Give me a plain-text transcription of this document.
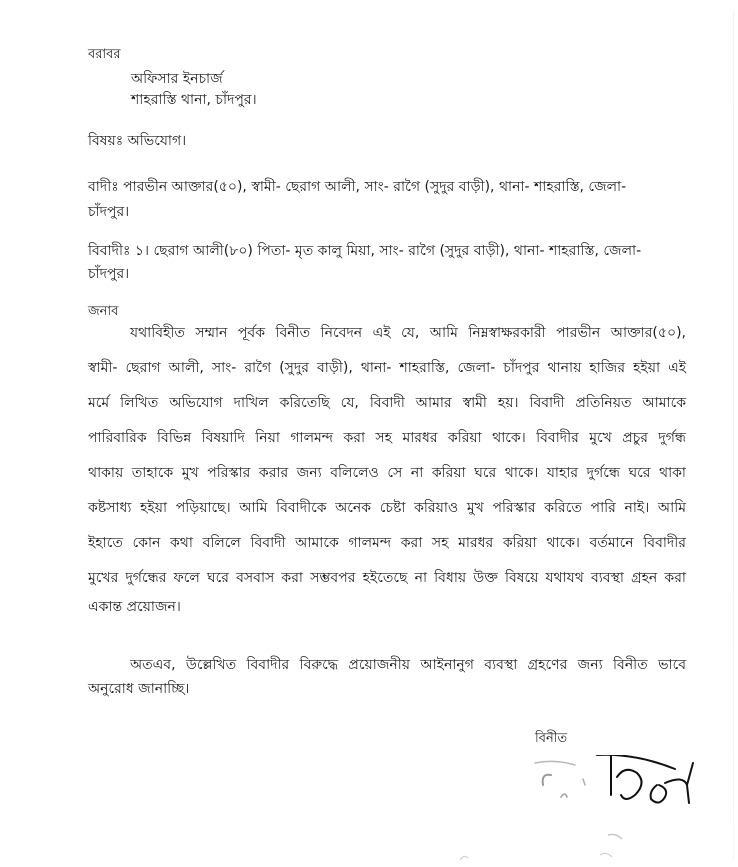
বরাবর
অফিসার ইনচার্জ
শাহরাস্তি থানা, চাঁদপুর।
বিষয়ঃ অভিযোগ।
বাদীঃ পারভীন আক্তার(৫০), স্বামী- ছেরাগ আলী, সাং- রাগৈ (সুদুর বাড়ী), থানা- শাহরাস্তি, জেলা-
চাঁদপুর।
বিবাদীঃ ১। ছেরাগ আলী(৮০) পিতা- মৃত কালু মিয়া, সাং- রাগৈ (সুদুর বাড়ী), থানা- শাহরাস্তি, জেলা-
চাঁদপুর।
জনাব
যথাবিহীত সম্মান পূর্বক বিনীত নিবেদন এই যে, আমি নিম্নস্বাক্ষরকারী পারভীন আক্তার(৫০),
স্বামী- ছেরাগ আলী, সাং- রাগৈ (সুদুর বাড়ী), থানা- শাহরাস্তি, জেলা- চাঁদপুর থানায় হাজির হইয়া এই
মর্মে লিখিত অভিযোগ দাখিল করিতেছি যে, বিবাদী আমার স্বামী হয়। বিবাদী প্রতিনিয়ত আমাকে
পারিবারিক বিভিন্ন বিষয়াদি নিয়া গালমন্দ করা সহ মারধর করিয়া থাকে। বিবাদীর মুখে প্রচুর দুর্গন্ধ
থাকায় তাহাকে মুখ পরিস্কার করার জন্য বলিলেও সে না করিয়া ঘরে থাকে। যাহার দুর্গন্ধে ঘরে থাকা
কষ্টসাধ্য হইয়া পড়িয়াছে। আমি বিবাদীকে অনেক চেষ্টা করিয়াও মুখ পরিস্কার করিতে পারি নাই। আমি
ইহাতে কোন কথা বলিলে বিবাদী আমাকে গালমন্দ করা সহ মারধর করিয়া থাকে। বর্তমানে বিবাদীর
মুখের দুর্গন্ধের ফলে ঘরে বসবাস করা সম্ভবপর হইতেছে না বিধায় উক্ত বিষয়ে যথাযথ ব্যবস্থা গ্রহন করা
একান্ত প্রয়োজন।
অতএব, উল্লেখিত বিবাদীর বিরুদ্ধে প্রয়োজনীয় আইনানুগ ব্যবস্থা গ্রহণের জন্য বিনীত ভাবে
অনুরোধ জানাচ্ছি।
বিনীত
